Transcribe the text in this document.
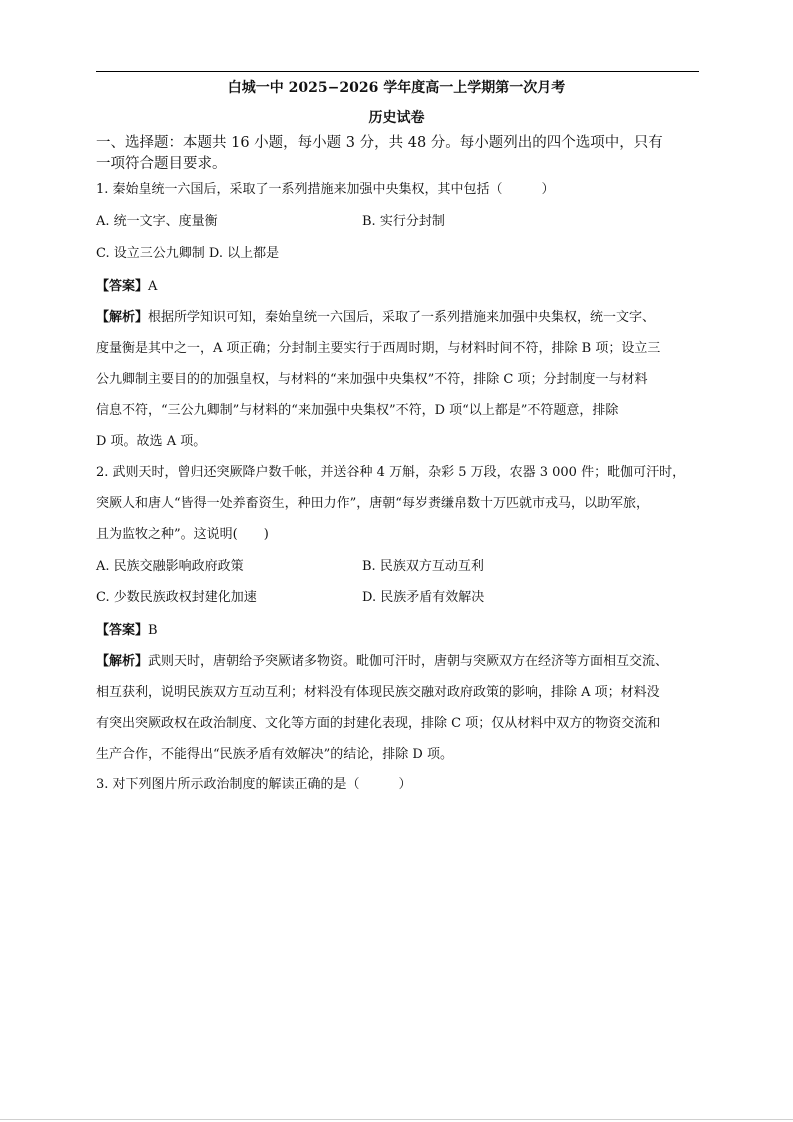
白城一中 2025−2026 学年度高一上学期第一次月考
历史试卷
一、选择题：本题共 16 小题，每小题 3 分，共 48 分。每小题列出的四个选项中，只有
一项符合题目要求。
1. 秦始皇统一六国后，采取了一系列措施来加强中央集权，其中包括（　　　）
A. 统一文字、度量衡	B. 实行分封制
C. 设立三公九卿制 D. 以上都是
【答案】A
【解析】根据所学知识可知，秦始皇统一六国后，采取了一系列措施来加强中央集权，统一文字、
度量衡是其中之一，A 项正确；分封制主要实行于西周时期，与材料时间不符，排除 B 项；设立三
公九卿制主要目的的加强皇权，与材料的“来加强中央集权”不符，排除 C 项；分封制度一与材料
信息不符，“三公九卿制”与材料的“来加强中央集权”不符，D 项“以上都是”不符题意，排除
D 项。故选 A 项。
2. 武则天时，曾归还突厥降户数千帐，并送谷种 4 万斛，杂彩 5 万段，农器 3 000 件；毗伽可汗时，
突厥人和唐人“皆得一处养畜资生，种田力作”，唐朝“每岁赉缣帛数十万匹就市戎马，以助军旅，
且为监牧之种”。这说明(　　)
A. 民族交融影响政府政策	B. 民族双方互动互利
C. 少数民族政权封建化加速	D. 民族矛盾有效解决
【答案】B
【解析】武则天时，唐朝给予突厥诸多物资。毗伽可汗时，唐朝与突厥双方在经济等方面相互交流、
相互获利，说明民族双方互动互利；材料没有体现民族交融对政府政策的影响，排除 A 项；材料没
有突出突厥政权在政治制度、文化等方面的封建化表现，排除 C 项；仅从材料中双方的物资交流和
生产合作，不能得出“民族矛盾有效解决”的结论，排除 D 项。
3. 对下列图片所示政治制度的解读正确的是（　　　）
